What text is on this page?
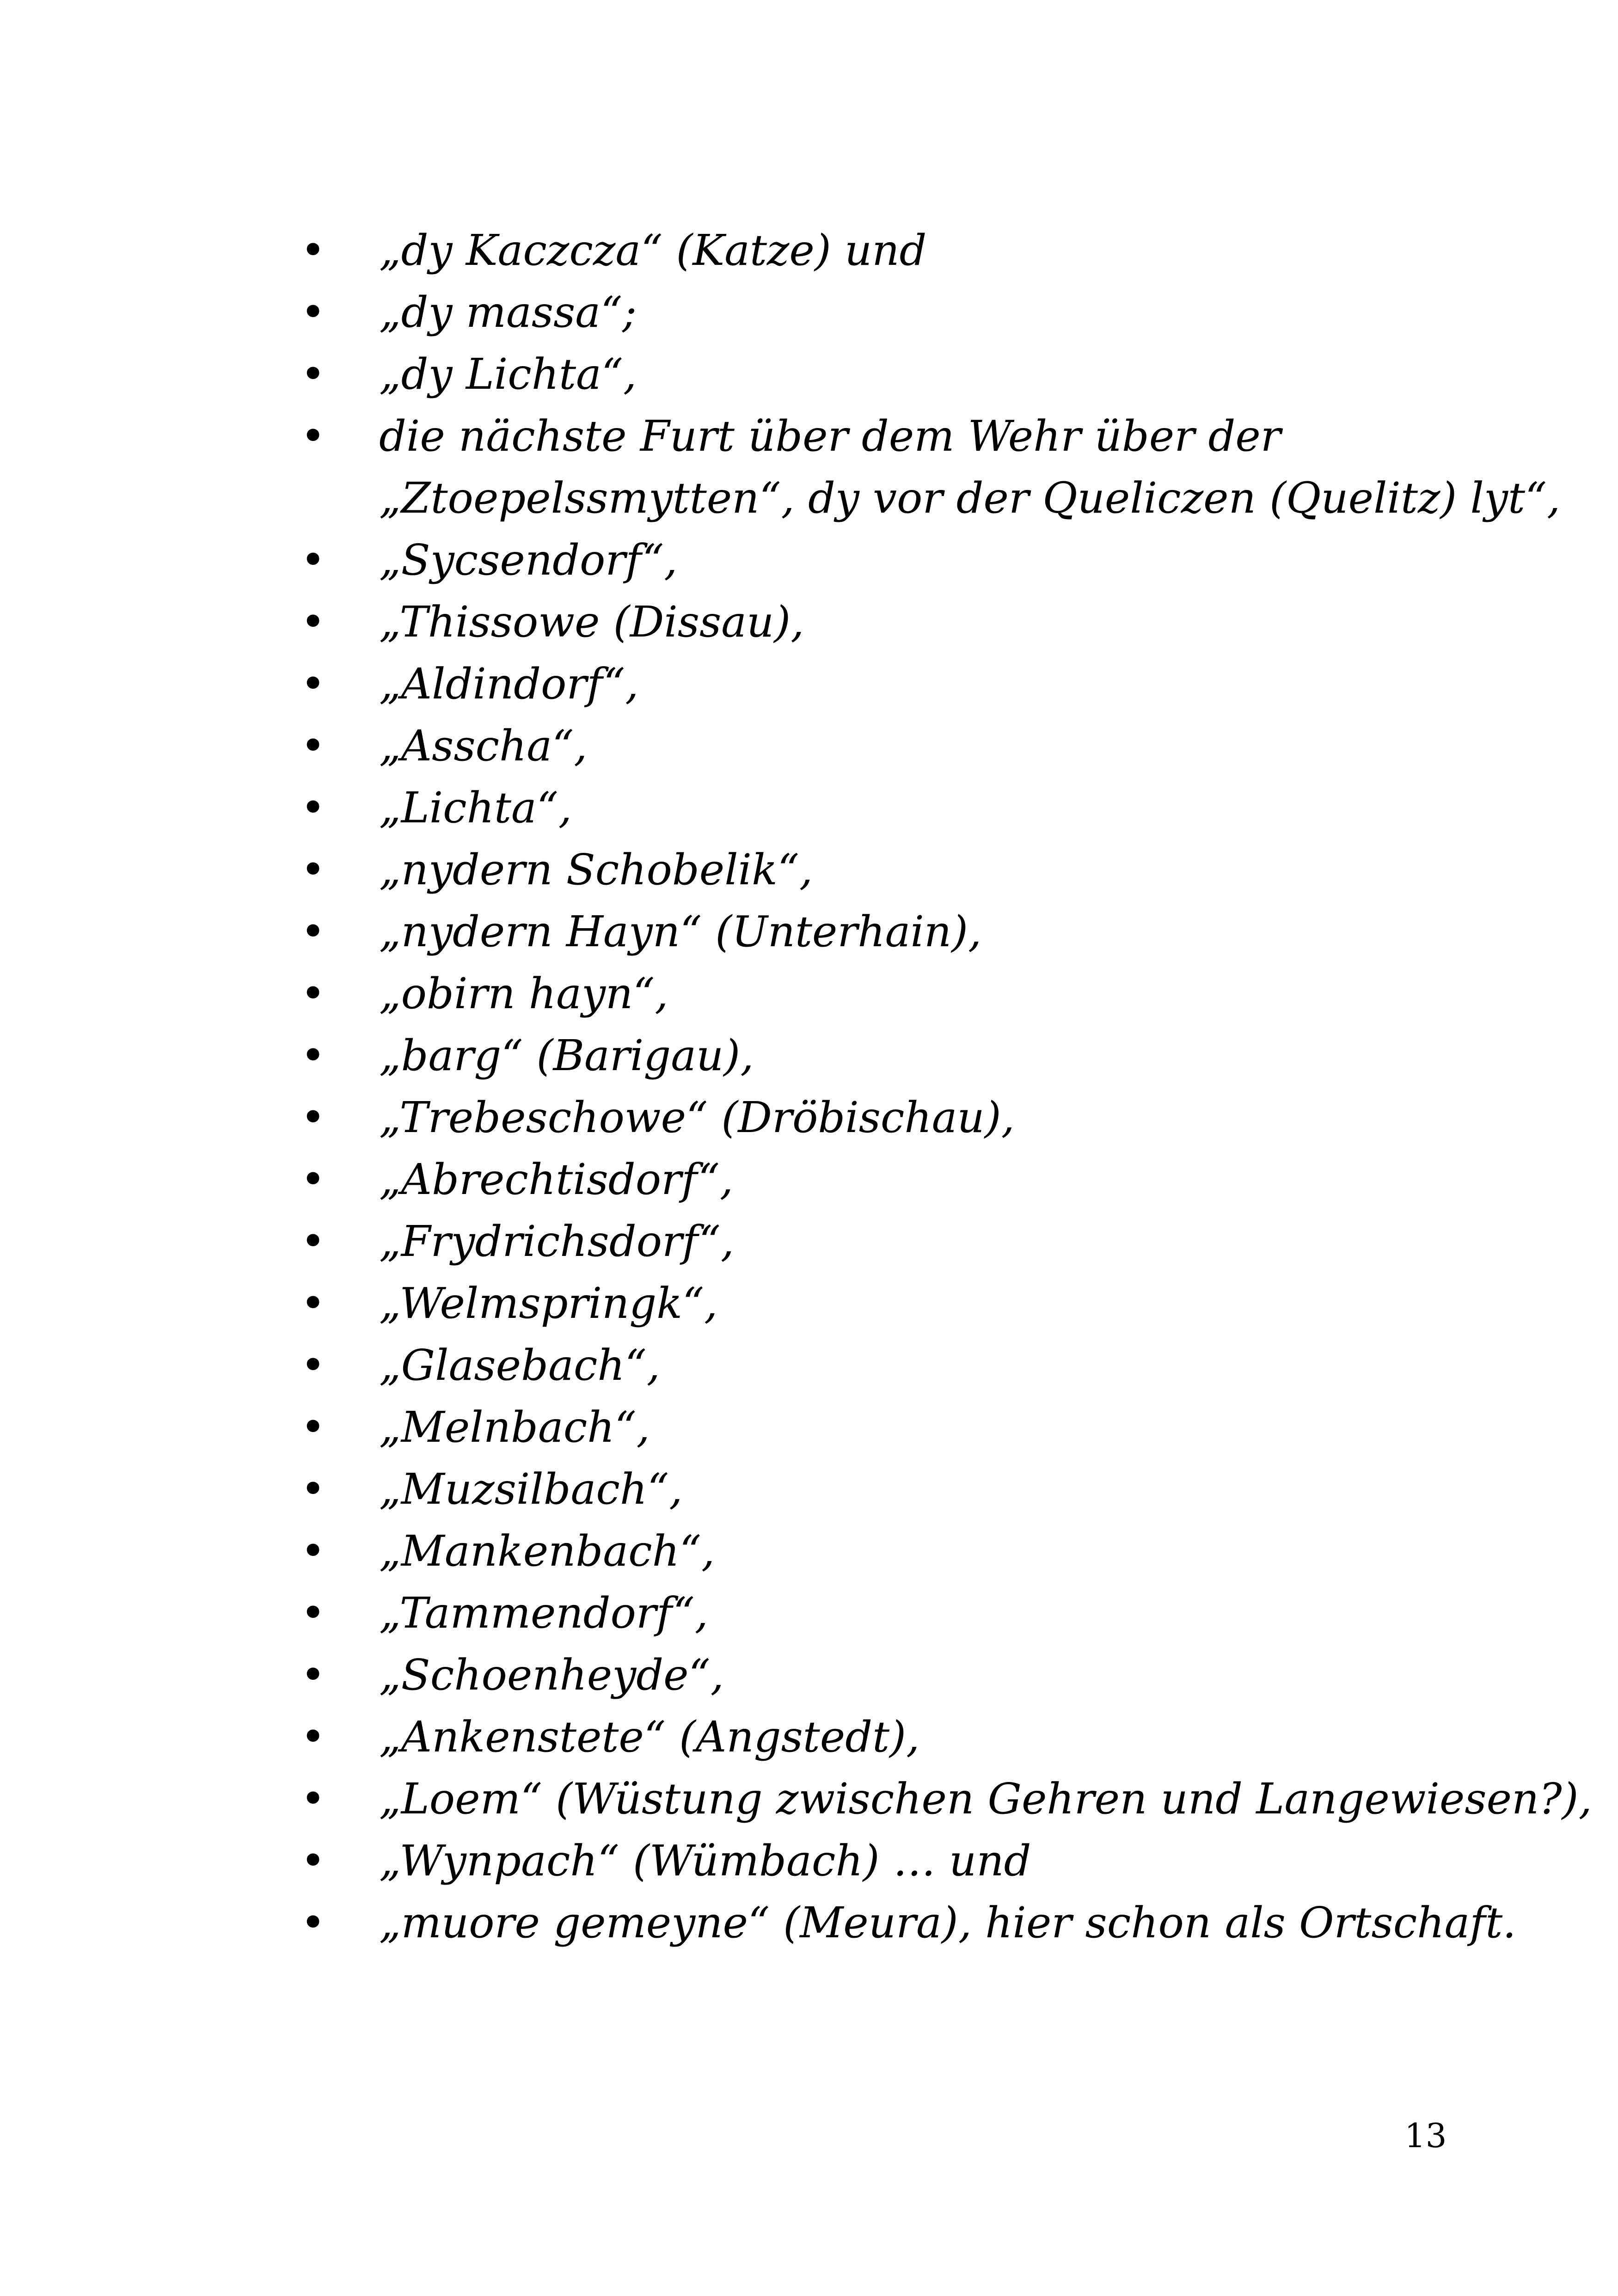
• „dy Kaczcza“ (Katze) und
• „dy massa“;
• „dy Lichta“,
• die nächste Furt über dem Wehr über der
„Ztoepelssmytten“, dy vor der Queliczen (Quelitz) lyt“,
• „Sycsendorf“,
• „Thissowe (Dissau),
• „Aldindorf“,
• „Asscha“,
• „Lichta“,
• „nydern Schobelik“,
• „nydern Hayn“ (Unterhain),
• „obirn hayn“,
• „barg“ (Barigau),
• „Trebeschowe“ (Dröbischau),
• „Abrechtisdorf“,
• „Frydrichsdorf“,
• „Welmspringk“,
• „Glasebach“,
• „Melnbach“,
• „Muzsilbach“,
• „Mankenbach“,
• „Tammendorf“,
• „Schoenheyde“,
• „Ankenstete“ (Angstedt),
• „Loem“ (Wüstung zwischen Gehren und Langewiesen?),
• „Wynpach“ (Wümbach) … und
• „muore gemeyne“ (Meura), hier schon als Ortschaft.
13
